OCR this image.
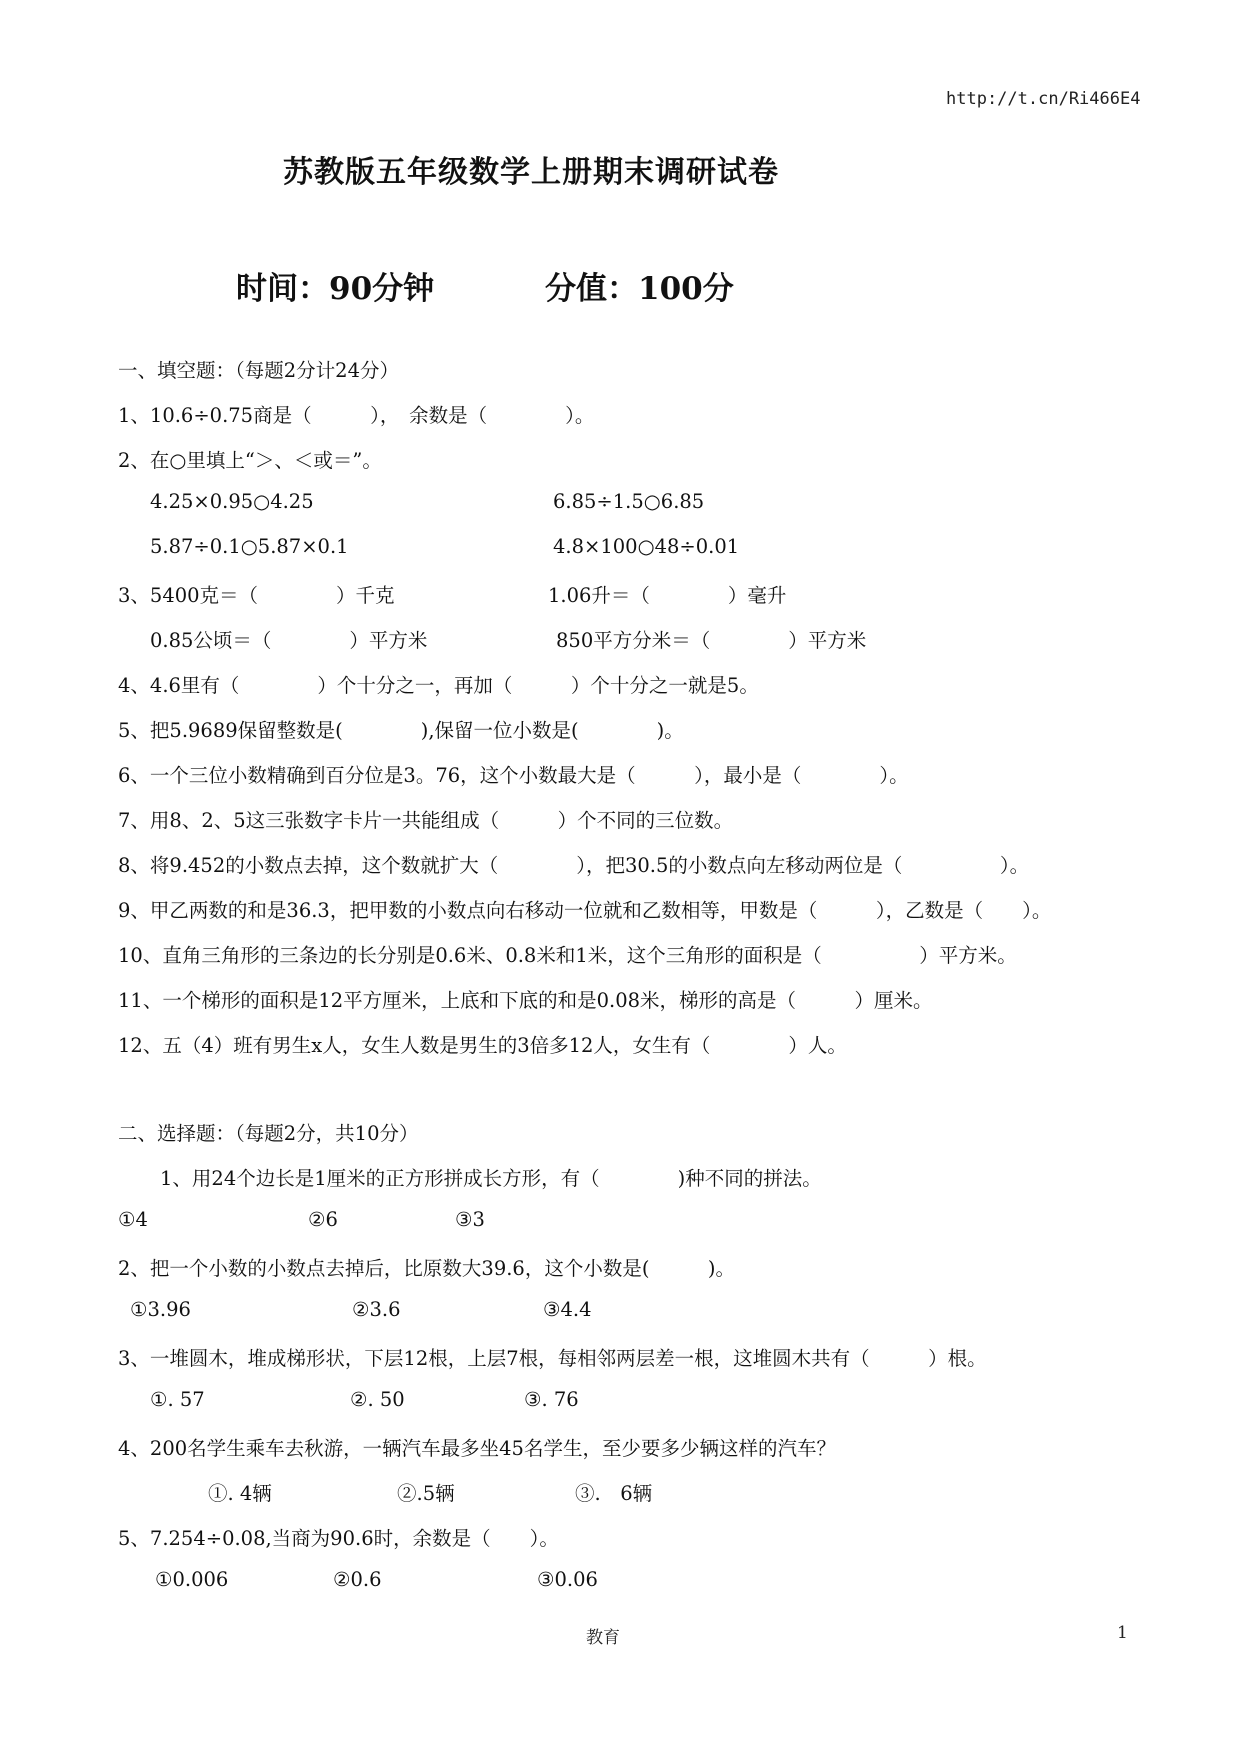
http://t.cn/Ri466E4
苏教版五年级数学上册期末调研试卷
时间：90分钟	分值：100分
一、填空题：（每题2分计24分）
1、10.6÷0.75商是（　　　），　余数是（　　　　）。
2、在○里填上“＞、＜或＝”。
4.25×0.95○4.25	6.85÷1.5○6.85
5.87÷0.1○5.87×0.1	4.8×100○48÷0.01
3、5400克＝（　　　　）千克	1.06升＝（　　　　）毫升
0.85公顷＝（　　　　）平方米	850平方分米＝（　　　　）平方米
4、4.6里有（　　　　）个十分之一，再加（　　　）个十分之一就是5。
5、把5.9689保留整数是(　　　　),保留一位小数是(　　　　)。
6、一个三位小数精确到百分位是3。76，这个小数最大是（　　　），最小是（　　　　）。
7、用8、2、5这三张数字卡片一共能组成（　　　）个不同的三位数。
8、将9.452的小数点去掉，这个数就扩大（　　　　），把30.5的小数点向左移动两位是（　　　　　）。
9、甲乙两数的和是36.3，把甲数的小数点向右移动一位就和乙数相等，甲数是（　　　），乙数是（　　）。
10、直角三角形的三条边的长分别是0.6米、0.8米和1米，这个三角形的面积是（　　　　　）平方米。
11、一个梯形的面积是12平方厘米，上底和下底的和是0.08米，梯形的高是（　　　）厘米。
12、五（4）班有男生x人，女生人数是男生的3倍多12人，女生有（　　　　）人。
二、选择题：（每题2分，共10分）
1、用24个边长是1厘米的正方形拼成长方形，有（　　　　)种不同的拼法。
①4	②6	③3
2、把一个小数的小数点去掉后，比原数大39.6，这个小数是(　　　)。
①3.96	②3.6	③4.4
3、一堆圆木，堆成梯形状，下层12根，上层7根，每相邻两层差一根，这堆圆木共有（　　　）根。
①. 57	②. 50	③. 76
4、200名学生乘车去秋游，一辆汽车最多坐45名学生，至少要多少辆这样的汽车？
①. 4辆	②.5辆	③.　6辆
5、7.254÷0.08,当商为90.6时，余数是（　　）。
①0.006	②0.6	③0.06
教育	1
